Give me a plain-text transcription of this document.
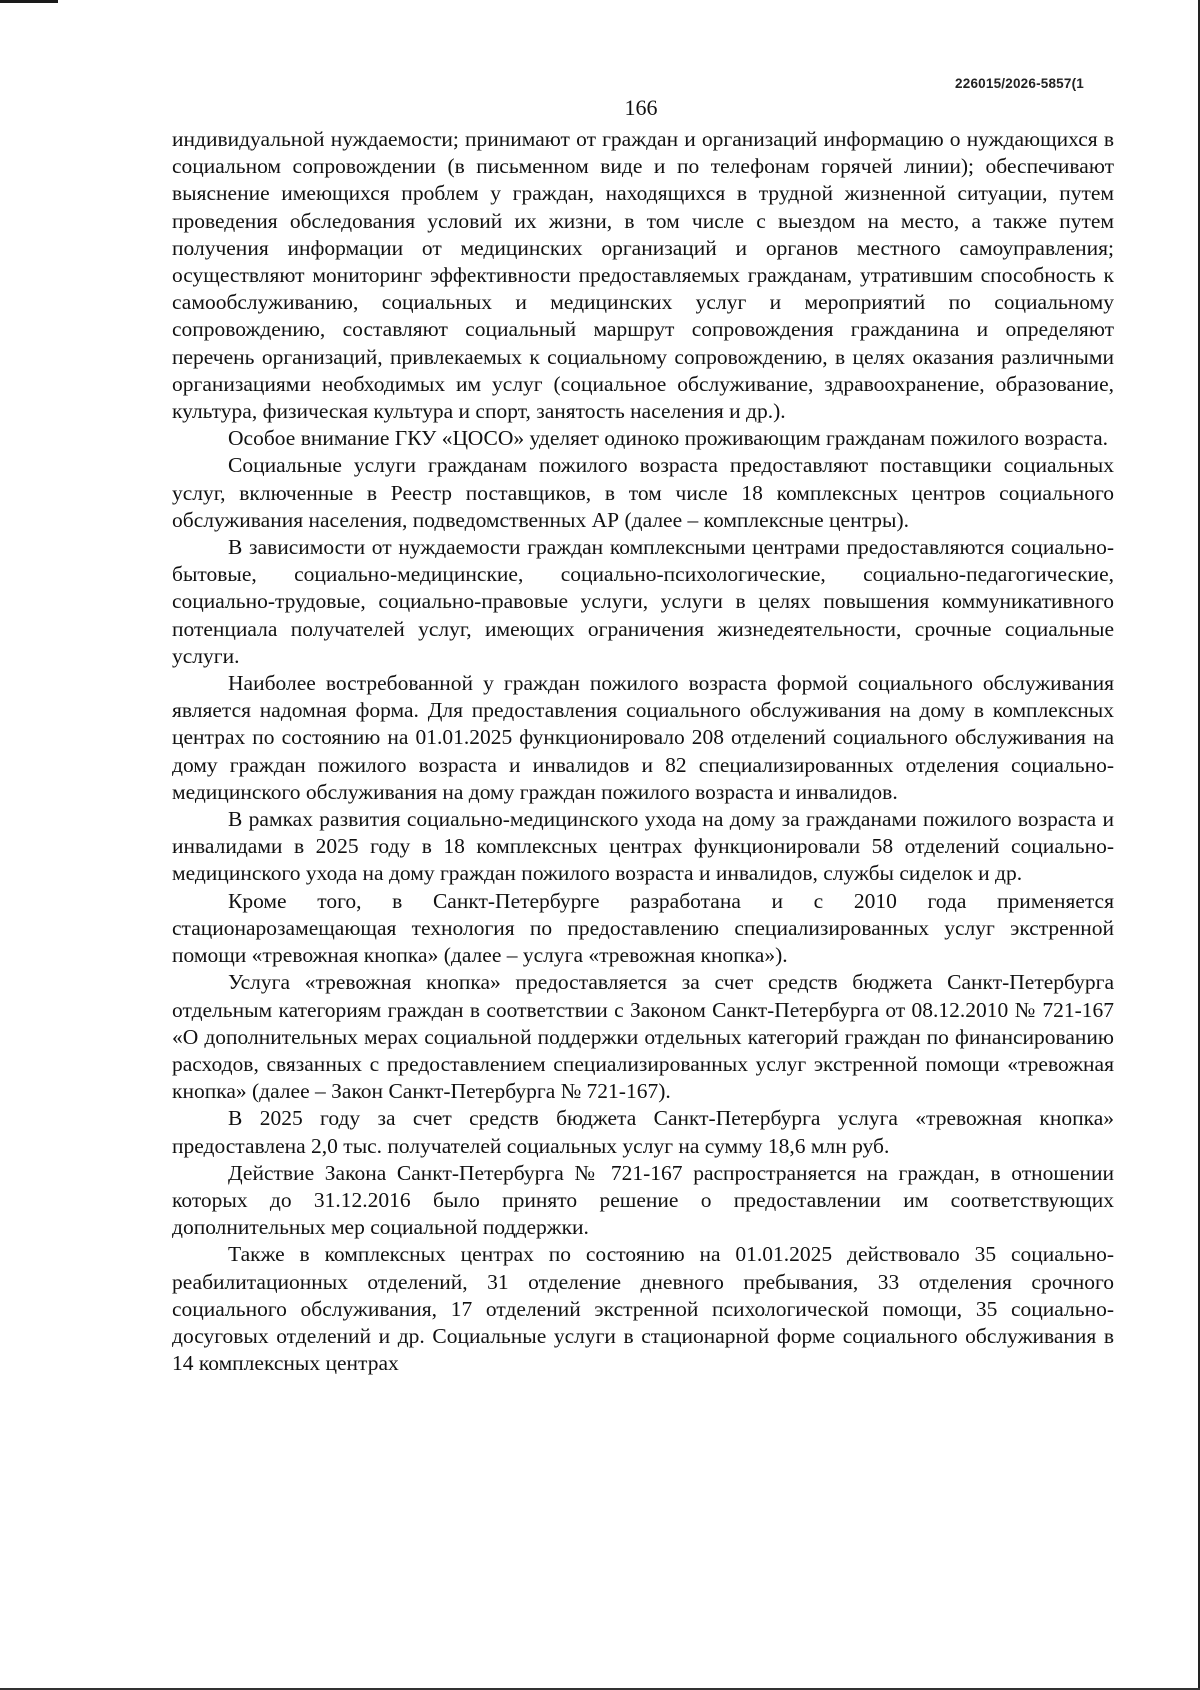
226015/2026-5857(1
166

индивидуальной нуждаемости; принимают от граждан и организаций информацию о нуждающихся в социальном сопровождении (в письменном виде и по телефонам горячей линии); обеспечивают выяснение имеющихся проблем у граждан, находящихся в трудной жизненной ситуации, путем проведения обследования условий их жизни, в том числе с выездом на место, а также путем получения информации от медицинских организаций и органов местного самоуправления; осуществляют мониторинг эффективности предоставляемых гражданам, утратившим способность к самообслуживанию, социальных и медицинских услуг и мероприятий по социальному сопровождению, составляют социальный маршрут сопровождения гражданина и определяют перечень организаций, привлекаемых к социальному сопровождению, в целях оказания различными организациями необходимых им услуг (социальное обслуживание, здравоохранение, образование, культура, физическая культура и спорт, занятость населения и др.).

Особое внимание ГКУ «ЦОСО» уделяет одиноко проживающим гражданам пожилого возраста.

Социальные услуги гражданам пожилого возраста предоставляют поставщики социальных услуг, включенные в Реестр поставщиков, в том числе 18 комплексных центров социального обслуживания населения, подведомственных АР (далее – комплексные центры).

В зависимости от нуждаемости граждан комплексными центрами предоставляются социально-бытовые, социально-медицинские, социально-психологические, социально-педагогические, социально-трудовые, социально-правовые услуги, услуги в целях повышения коммуникативного потенциала получателей услуг, имеющих ограничения жизнедеятельности, срочные социальные услуги.

Наиболее востребованной у граждан пожилого возраста формой социального обслуживания является надомная форма. Для предоставления социального обслуживания на дому в комплексных центрах по состоянию на 01.01.2025 функционировало 208 отделений социального обслуживания на дому граждан пожилого возраста и инвалидов и 82 специализированных отделения социально-медицинского обслуживания на дому граждан пожилого возраста и инвалидов.

В рамках развития социально-медицинского ухода на дому за гражданами пожилого возраста и инвалидами в 2025 году в 18 комплексных центрах функционировали 58 отделений социально-медицинского ухода на дому граждан пожилого возраста и инвалидов, службы сиделок и др.

Кроме того, в Санкт-Петербурге разработана и с 2010 года применяется стационарозамещающая технология по предоставлению специализированных услуг экстренной помощи «тревожная кнопка» (далее – услуга «тревожная кнопка»).

Услуга «тревожная кнопка» предоставляется за счет средств бюджета Санкт-Петербурга отдельным категориям граждан в соответствии с Законом Санкт-Петербурга от 08.12.2010 № 721-167 «О дополнительных мерах социальной поддержки отдельных категорий граждан по финансированию расходов, связанных с предоставлением специализированных услуг экстренной помощи «тревожная кнопка» (далее – Закон Санкт-Петербурга № 721-167).

В 2025 году за счет средств бюджета Санкт-Петербурга услуга «тревожная кнопка» предоставлена 2,0 тыс. получателей социальных услуг на сумму 18,6 млн руб.

Действие Закона Санкт-Петербурга № 721-167 распространяется на граждан, в отношении которых до 31.12.2016 было принято решение о предоставлении им соответствующих дополнительных мер социальной поддержки.

Также в комплексных центрах по состоянию на 01.01.2025 действовало 35 социально-реабилитационных отделений, 31 отделение дневного пребывания, 33 отделения срочного социального обслуживания, 17 отделений экстренной психологической помощи, 35 социально-досуговых отделений и др. Социальные услуги в стационарной форме социального обслуживания в 14 комплексных центрах
